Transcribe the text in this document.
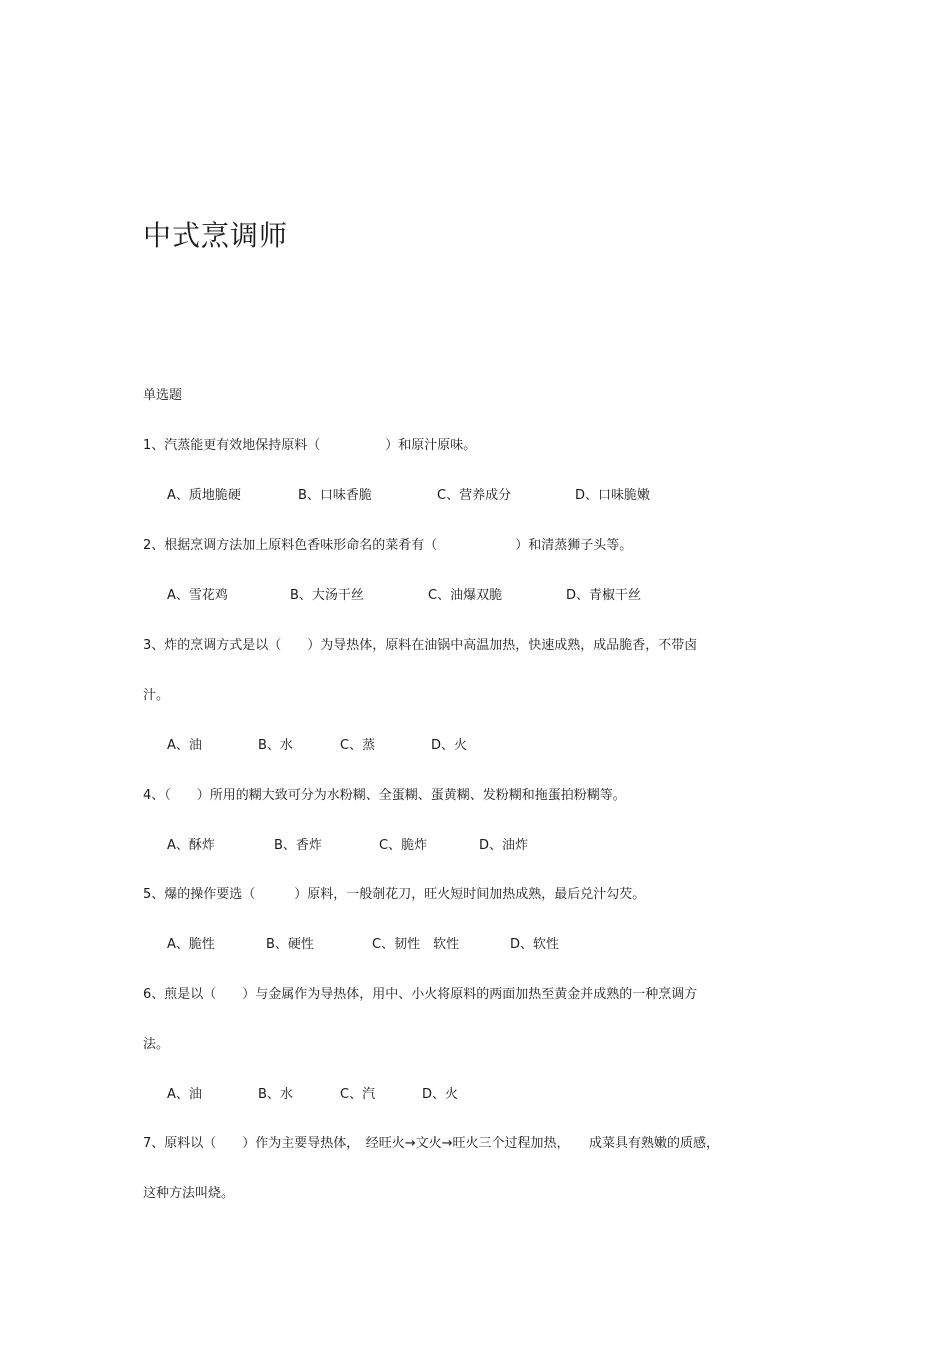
中式烹调师
单选题
1、汽蒸能更有效地保持原料（　　　　　）和原汁原味。
A、质地脆硬	B、口味香脆	C、营养成分	D、口味脆嫩
2、根据烹调方法加上原料色香味形命名的菜肴有（　　　　　　）和清蒸狮子头等。
A、雪花鸡	B、大汤干丝	C、油爆双脆	D、青椒干丝
3、炸的烹调方式是以（　　）为导热体，原料在油锅中高温加热，快速成熟，成品脆香，不带卤
汁。
A、油	B、水	C、蒸	D、火
4、（　　）所用的糊大致可分为水粉糊、全蛋糊、蛋黄糊、发粉糊和拖蛋拍粉糊等。
A、酥炸	B、香炸	C、脆炸	D、油炸
5、爆的操作要选（　　　）原料，一般剞花刀，旺火短时间加热成熟，最后兑汁勾芡。
A、脆性	B、硬性	C、韧性　软性	D、软性
6、煎是以（　　）与金属作为导热体，用中、小火将原料的两面加热至黄金并成熟的一种烹调方
法。
A、油	B、水	C、汽	D、火
7、原料以（　　）作为主要导热体，　经旺火→文火→旺火三个过程加热，　　成菜具有熟嫩的质感，
这种方法叫烧。
